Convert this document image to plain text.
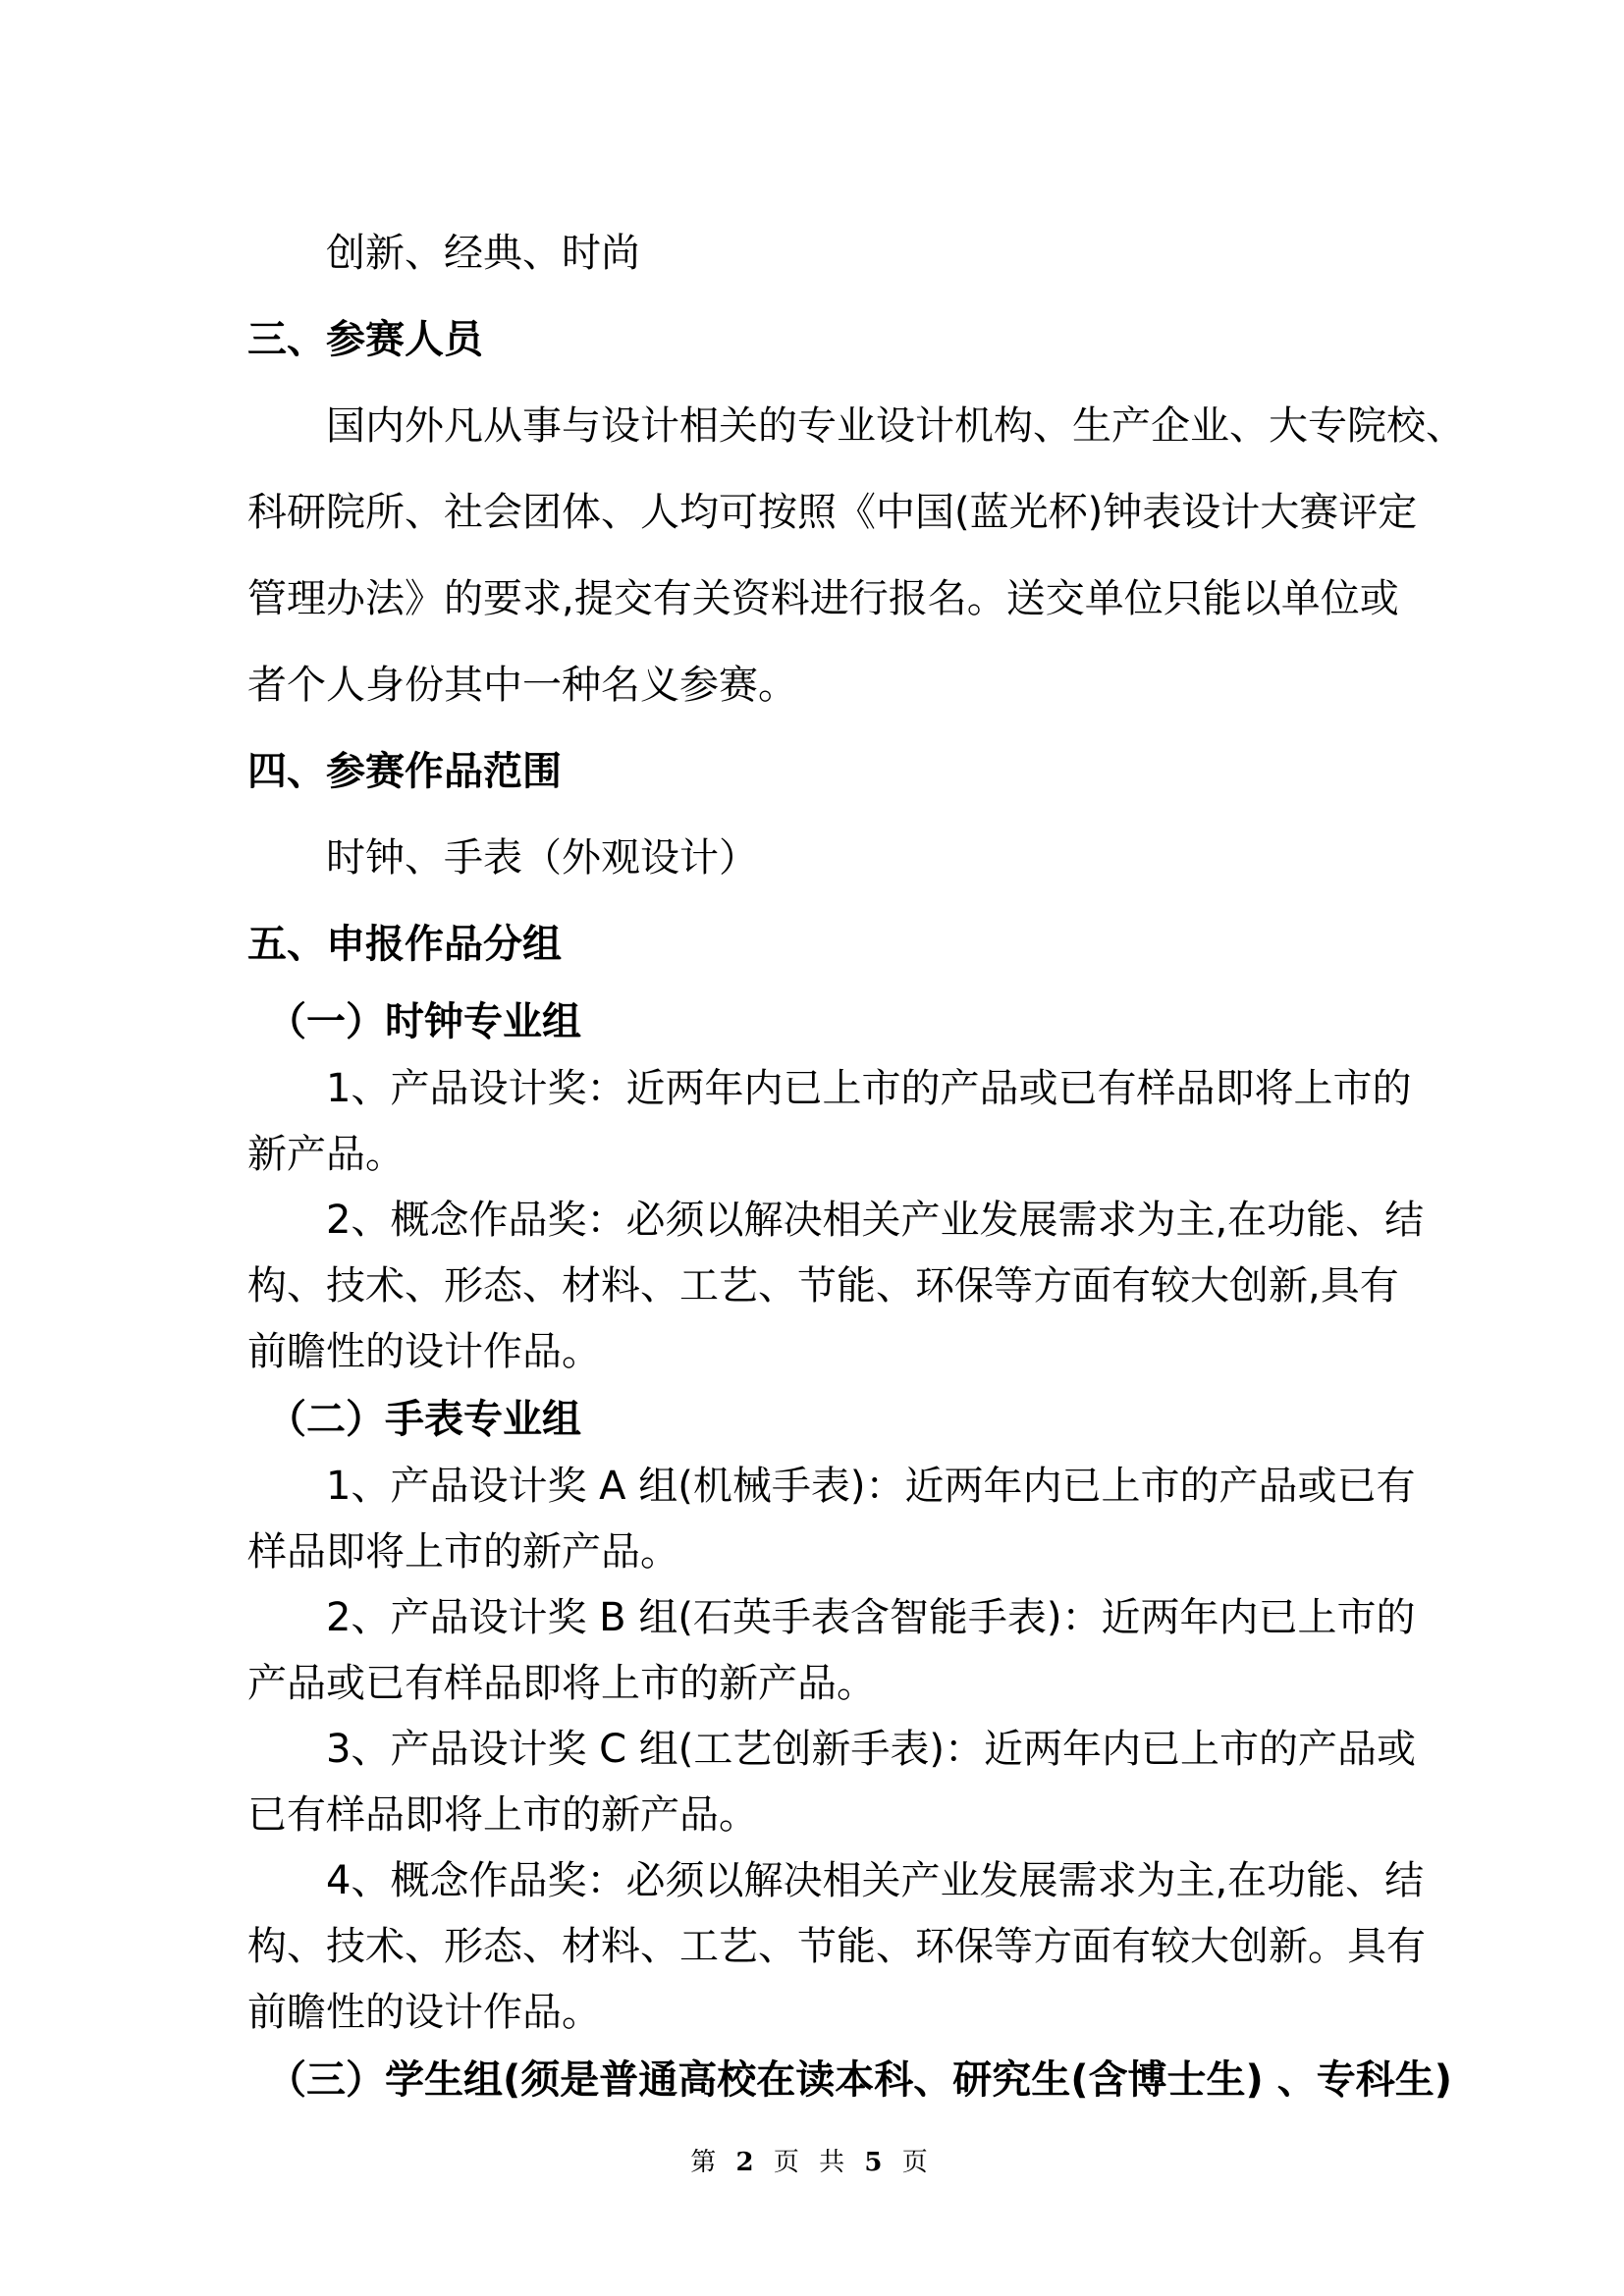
创新、经典、时尚

三、参赛人员

国内外凡从事与设计相关的专业设计机构、生产企业、大专院校、

科研院所、社会团体、人均可按照《中国(蓝光杯)钟表设计大赛评定

管理办法》的要求,提交有关资料进行报名。送交单位只能以单位或

者个人身份其中一种名义参赛。

四、参赛作品范围

时钟、手表（外观设计）

五、申报作品分组

（一）时钟专业组

1、产品设计奖：近两年内已上市的产品或已有样品即将上市的

新产品。

2、概念作品奖：必须以解决相关产业发展需求为主,在功能、结

构、技术、形态、材料、工艺、节能、环保等方面有较大创新,具有

前瞻性的设计作品。

（二）手表专业组

1、产品设计奖 A 组(机械手表)：近两年内已上市的产品或已有

样品即将上市的新产品。

2、产品设计奖 B 组(石英手表含智能手表)：近两年内已上市的

产品或已有样品即将上市的新产品。

3、产品设计奖 C 组(工艺创新手表)：近两年内已上市的产品或

已有样品即将上市的新产品。

4、概念作品奖：必须以解决相关产业发展需求为主,在功能、结

构、技术、形态、材料、工艺、节能、环保等方面有较大创新。具有

前瞻性的设计作品。

（三）学生组(须是普通高校在读本科、研究生(含博士生) 、专科生)

第 2 页 共 5 页
